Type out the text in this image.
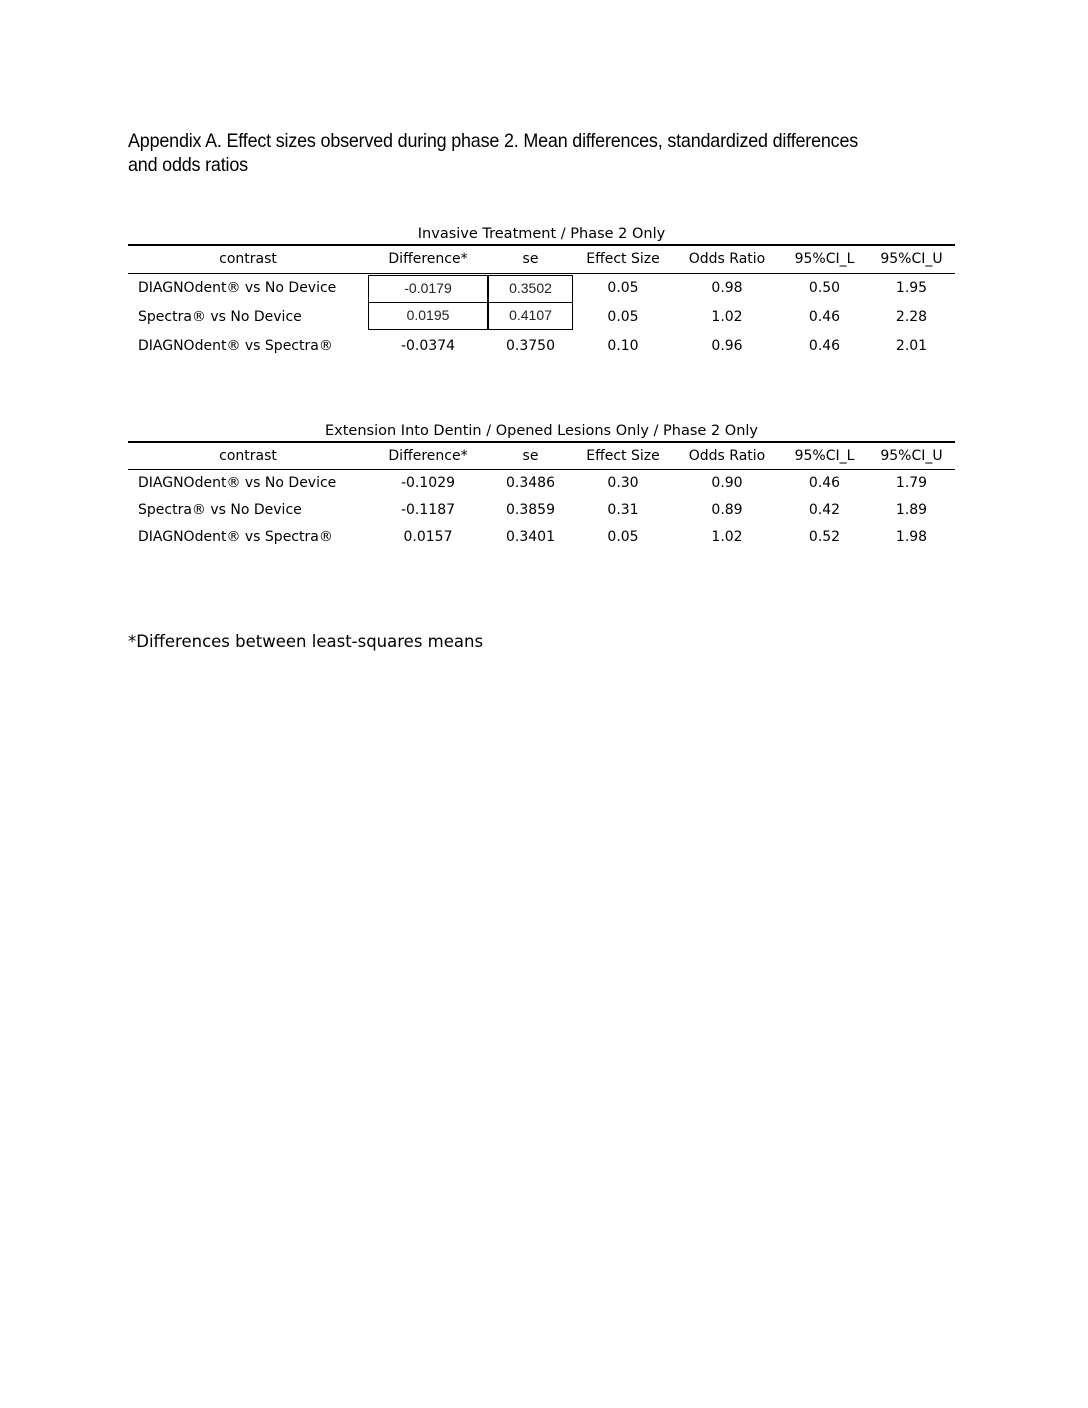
Appendix A. Effect sizes observed during phase 2. Mean differences, standardized differences and odds ratios
Invasive Treatment / Phase 2 Only
contrast	Difference*	se	Effect Size	Odds Ratio	95%CI_L	95%CI_U
DIAGNOdent® vs No Device	-0.0179	0.3502	0.05	0.98	0.50	1.95
Spectra® vs No Device	0.0195	0.4107	0.05	1.02	0.46	2.28
DIAGNOdent® vs Spectra®	-0.0374	0.3750	0.10	0.96	0.46	2.01
Extension Into Dentin / Opened Lesions Only / Phase 2 Only
contrast	Difference*	se	Effect Size	Odds Ratio	95%CI_L	95%CI_U
DIAGNOdent® vs No Device	-0.1029	0.3486	0.30	0.90	0.46	1.79
Spectra® vs No Device	-0.1187	0.3859	0.31	0.89	0.42	1.89
DIAGNOdent® vs Spectra®	0.0157	0.3401	0.05	1.02	0.52	1.98
*Differences between least-squares means
